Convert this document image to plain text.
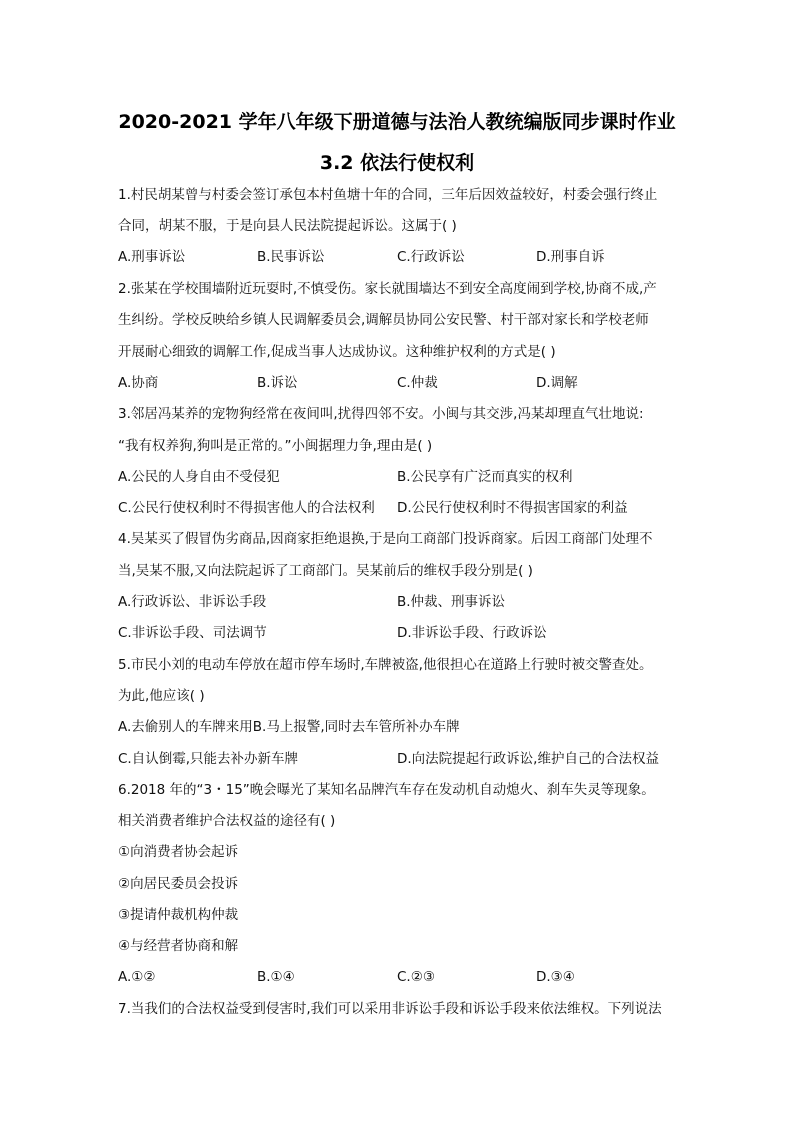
2020-2021 学年八年级下册道德与法治人教统编版同步课时作业
3.2 依法行使权利
1.村民胡某曾与村委会签订承包本村鱼塘十年的合同，三年后因效益较好，村委会强行终止
合同，胡某不服，于是向县人民法院提起诉讼。这属于( )
A.刑事诉讼	B.民事诉讼	C.行政诉讼	D.刑事自诉
2.张某在学校围墙附近玩耍时,不慎受伤。家长就围墙达不到安全高度闹到学校,协商不成,产
生纠纷。学校反映给乡镇人民调解委员会,调解员协同公安民警、村干部对家长和学校老师
开展耐心细致的调解工作,促成当事人达成协议。这种维护权利的方式是( )
A.协商	B.诉讼	C.仲裁	D.调解
3.邻居冯某养的宠物狗经常在夜间叫,扰得四邻不安。小闽与其交涉,冯某却理直气壮地说:
“我有权养狗,狗叫是正常的。”小闽据理力争,理由是( )
A.公民的人身自由不受侵犯	B.公民享有广泛而真实的权利
C.公民行使权利时不得损害他人的合法权利 D.公民行使权利时不得损害国家的利益
4.吴某买了假冒伪劣商品,因商家拒绝退换,于是向工商部门投诉商家。后因工商部门处理不
当,吴某不服,又向法院起诉了工商部门。吴某前后的维权手段分别是( )
A.行政诉讼、非诉讼手段	B.仲裁、刑事诉讼
C.非诉讼手段、司法调节	D.非诉讼手段、行政诉讼
5.市民小刘的电动车停放在超市停车场时,车牌被盗,他很担心在道路上行驶时被交警查处。
为此,他应该( )
A.去偷别人的车牌来用B.马上报警,同时去车管所补办车牌
C.自认倒霉,只能去补办新车牌	D.向法院提起行政诉讼,维护自己的合法权益
6.2018 年的“3・15”晚会曝光了某知名品牌汽车存在发动机自动熄火、刹车失灵等现象。
相关消费者维护合法权益的途径有( )
①向消费者协会起诉
②向居民委员会投诉
③提请仲裁机构仲裁
④与经营者协商和解
A.①②	B.①④	C.②③	D.③④
7.当我们的合法权益受到侵害时,我们可以采用非诉讼手段和诉讼手段来依法维权。下列说法
